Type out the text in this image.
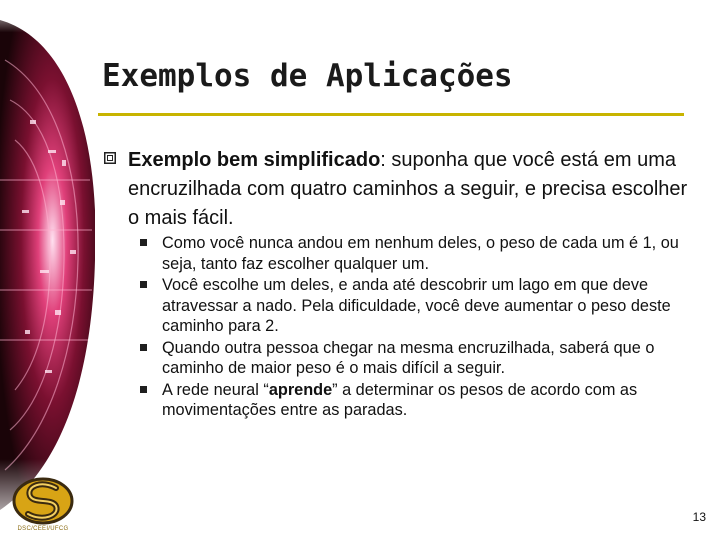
DSC/CEEI/UFCG
Exemplos de Aplicações

Exemplo bem simplificado: suponha que você está em uma encruzilhada com quatro caminhos a seguir, e precisa escolher o mais fácil.

Como você nunca andou em nenhum deles, o peso de cada um é 1, ou seja, tanto faz escolher qualquer um.
Você escolhe um deles, e anda até descobrir um lago em que deve atravessar a nado. Pela dificuldade, você deve aumentar o peso deste caminho para 2.
Quando outra pessoa chegar na mesma encruzilhada, saberá que o caminho de maior peso é o mais difícil a seguir.
A rede neural “aprende” a determinar os pesos de acordo com as movimentações entre as paradas.
13
